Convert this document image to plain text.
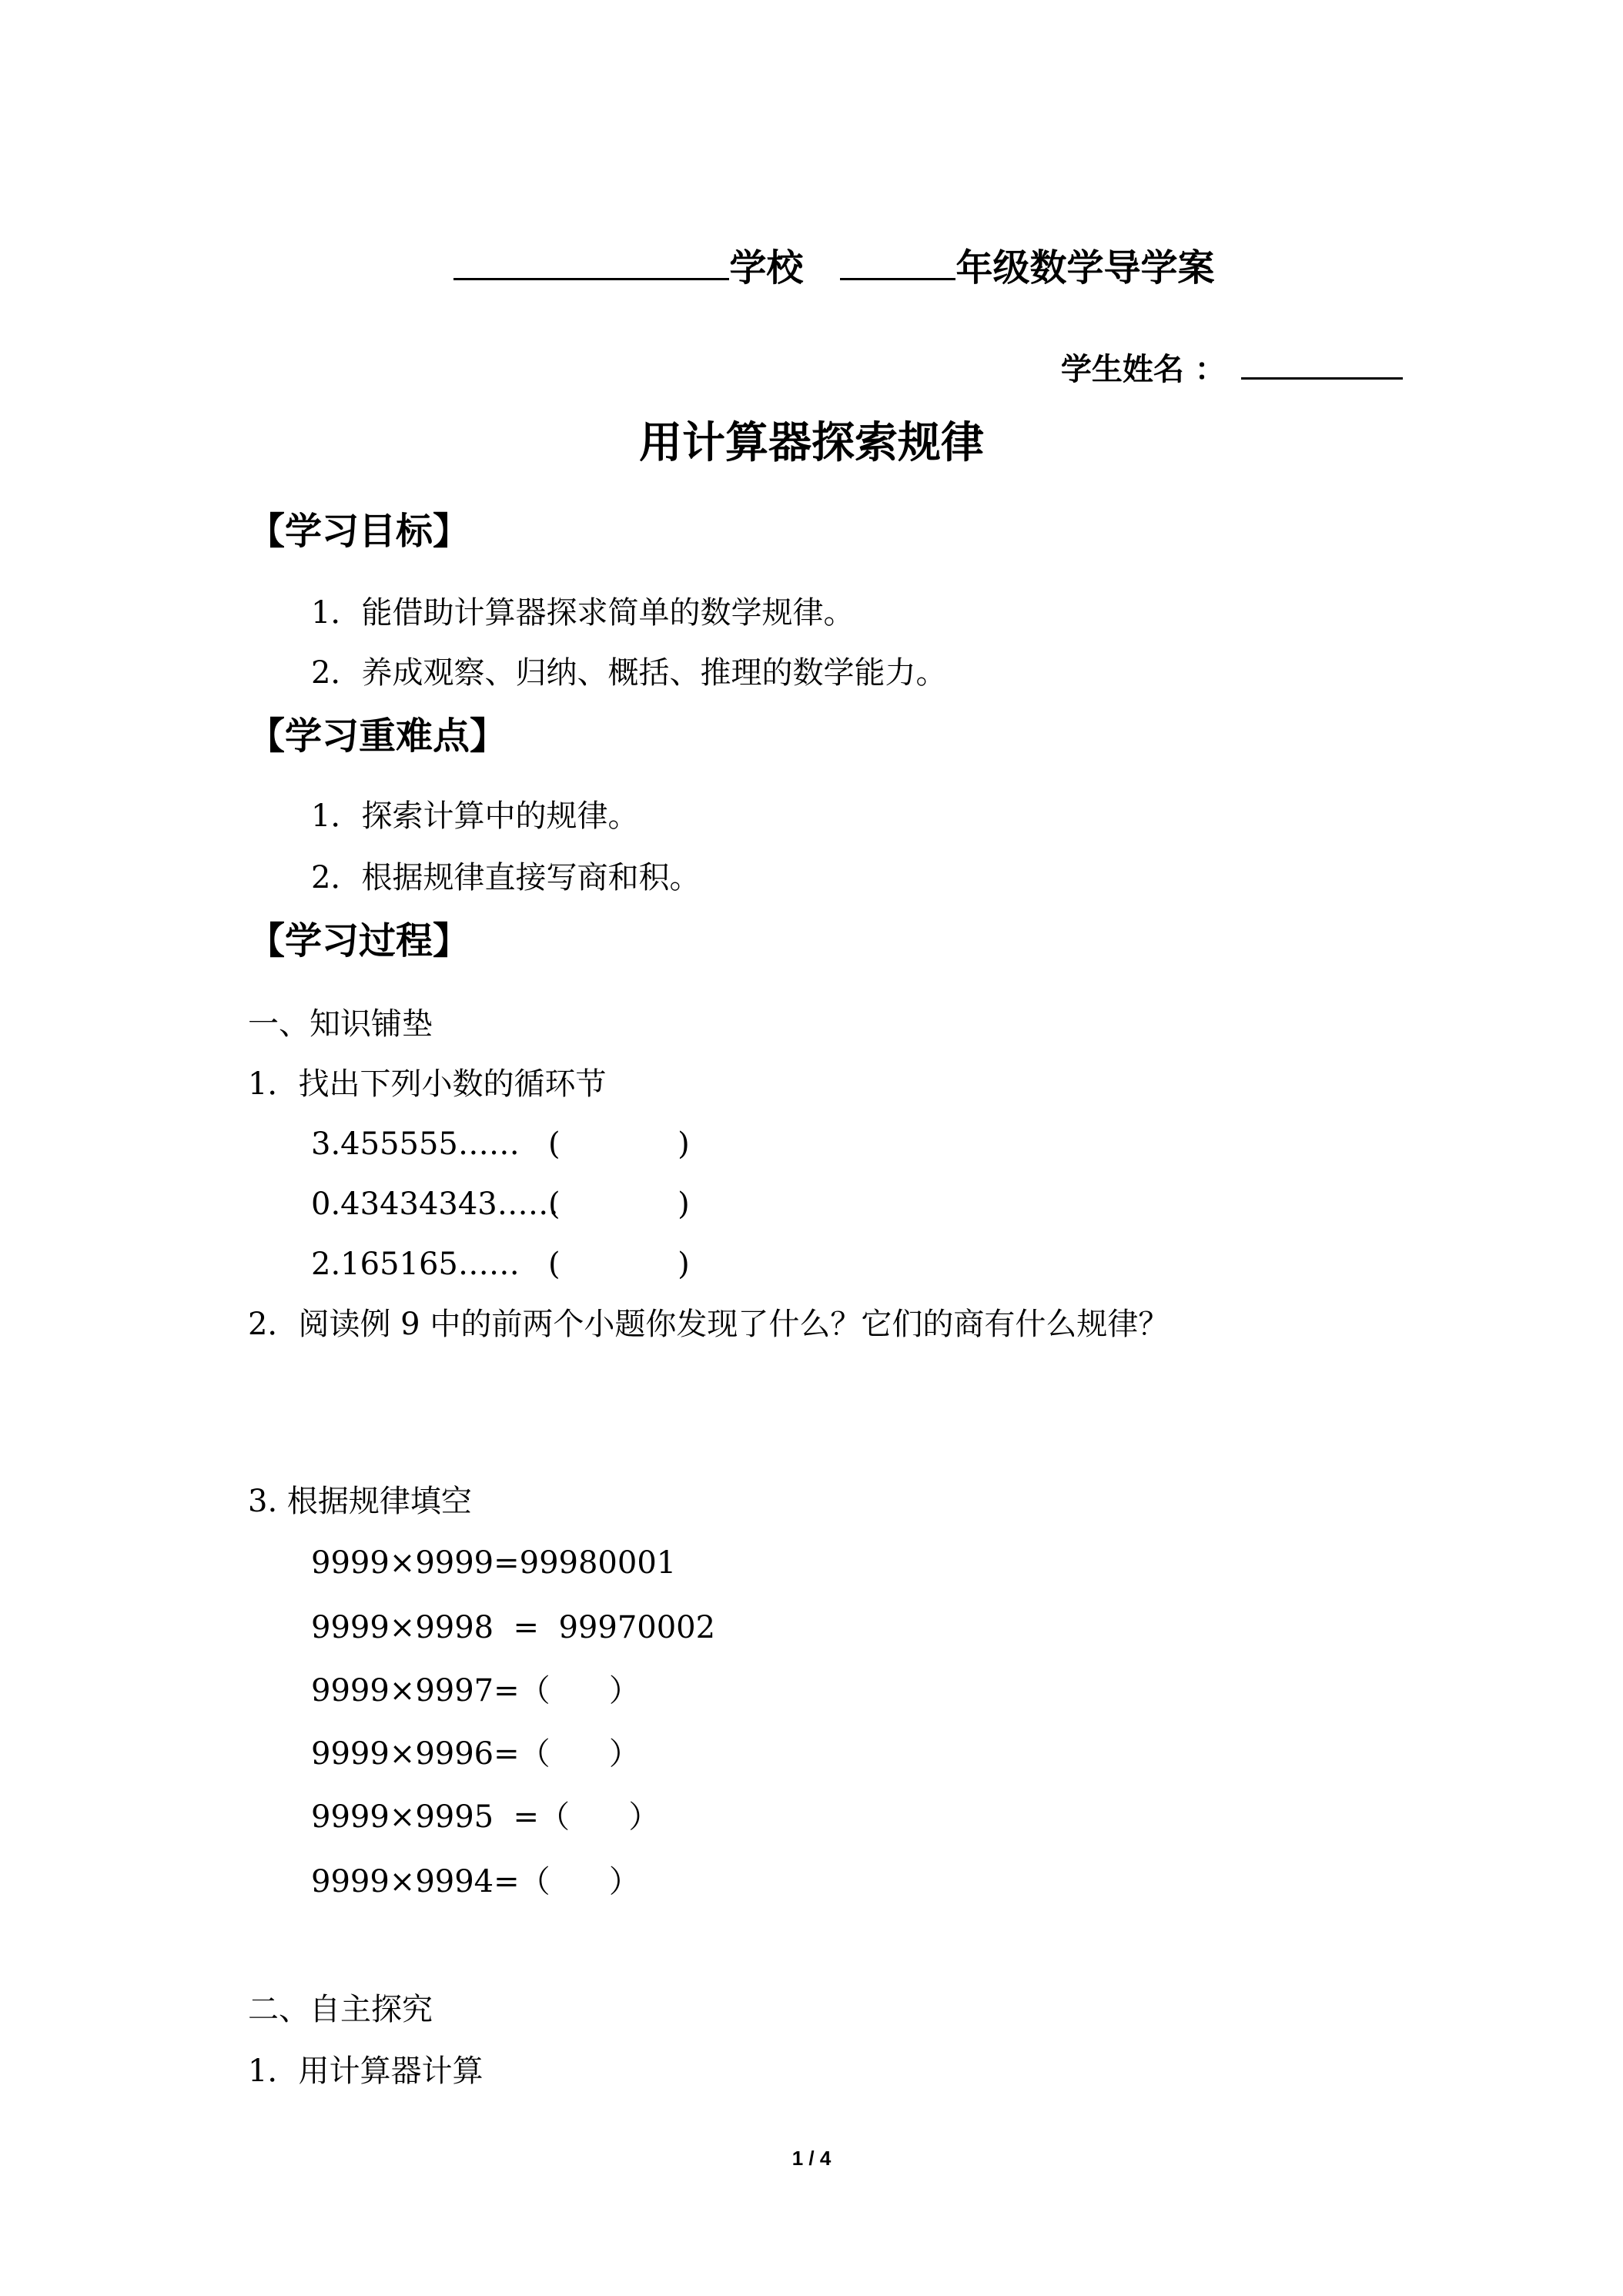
学校	年级数学导学案

学生姓名 ：

用计算器探索规律
【学习目标】
1．能借助计算器探求简单的数学规律。
2．养成观察、归纳、概括、推理的数学能力。
【学习重难点】
1．探索计算中的规律。
2．根据规律直接写商和积。
【学习过程】
一、知识铺垫
1．找出下列小数的循环节
3.455555…… (            )
0.43434343……
(            )
2.165165…… (            )
2．阅读例 9 中的前两个小题你发现了什么？它们的商有什么规律？
3. 根据规律填空
9999×9999=99980001
9999×9998  =  99970002
9999×9997=（      ）
9999×9996=（      ）
9999×9995  =（      ）
9999×9994=（      ）
二、自主探究
1．用计算器计算
1 / 4
